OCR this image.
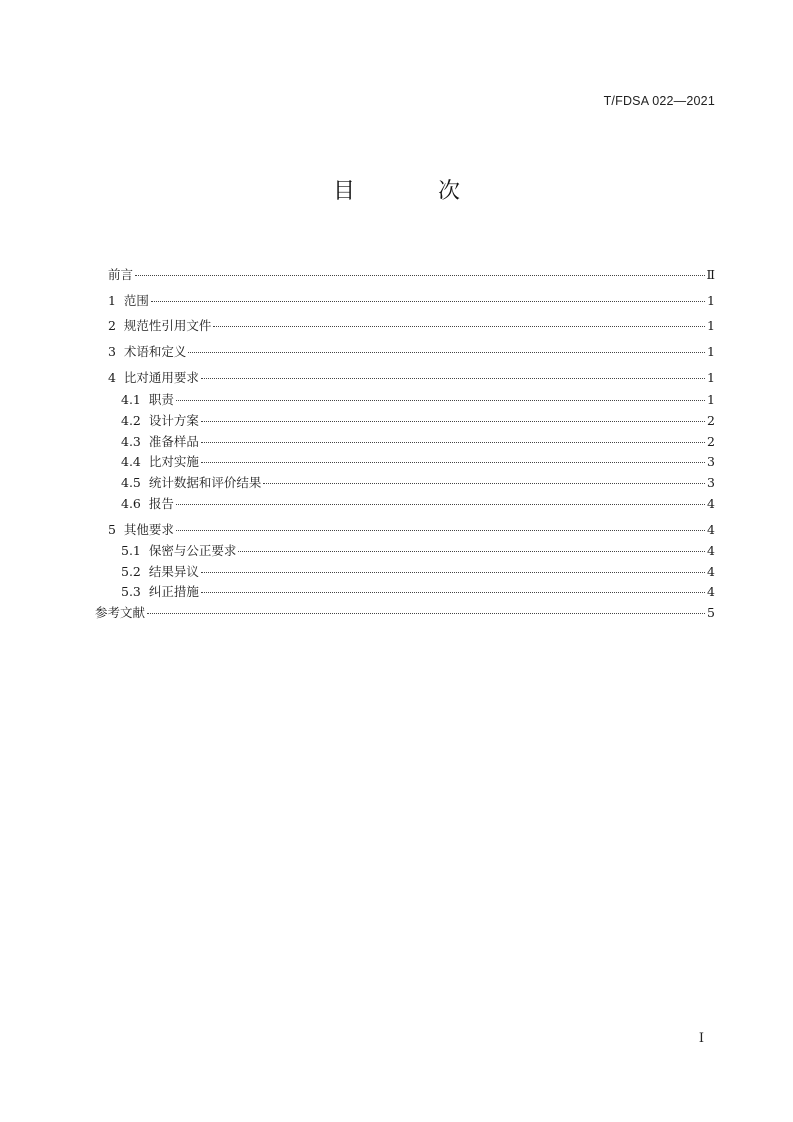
T/FDSA 022—2021
目 次
前言	Ⅱ
1  范围	1
2  规范性引用文件	1
3  术语和定义	1
4  比对通用要求	1
4.1  职责	1
4.2  设计方案	2
4.3  准备样品	2
4.4  比对实施	3
4.5  统计数据和评价结果	3
4.6  报告	4
5  其他要求	4
5.1  保密与公正要求	4
5.2  结果异议	4
5.3  纠正措施	4
参考文献	5
I
